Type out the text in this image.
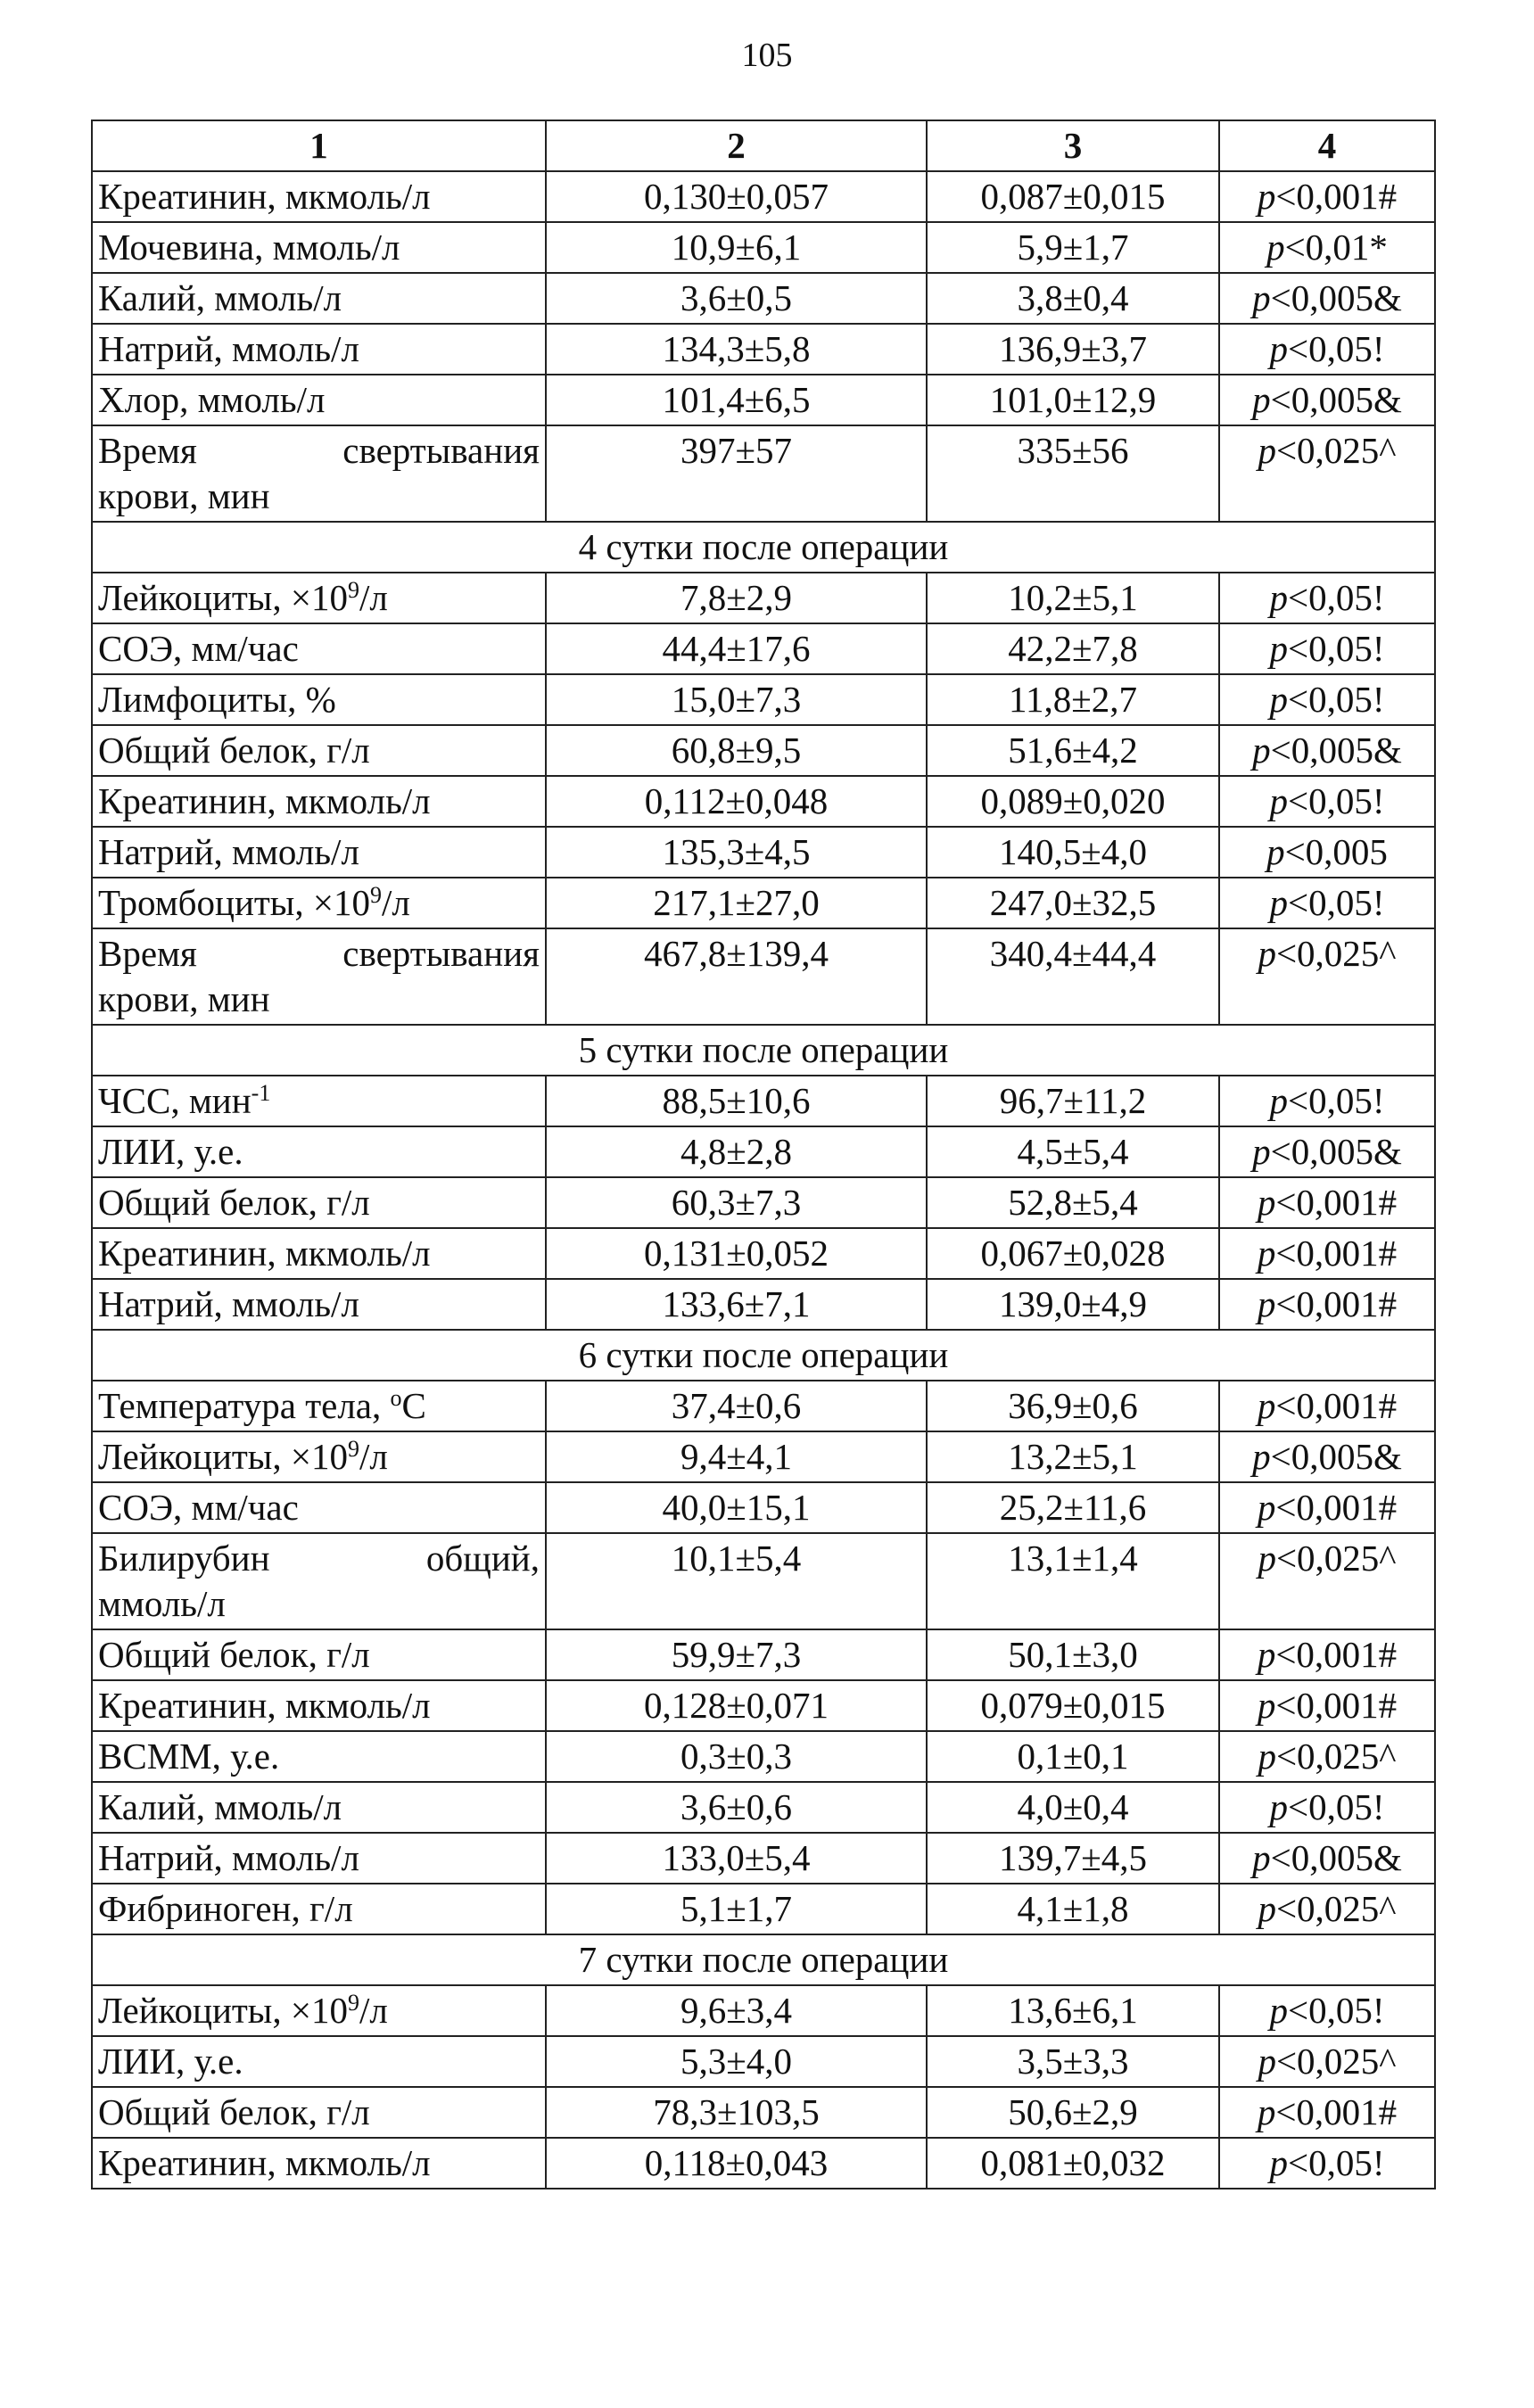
105
1	2	3	4
Креатинин, мкмоль/л	0,130±0,057	0,087±0,015	p<0,001#
Мочевина, ммоль/л	10,9±6,1	5,9±1,7	p<0,01*
Калий, ммоль/л	3,6±0,5	3,8±0,4	p<0,005&
Натрий, ммоль/л	134,3±5,8	136,9±3,7	p<0,05!
Хлор, ммоль/л	101,4±6,5	101,0±12,9	p<0,005&

Время свертывания
крови, мин	397±57	335±56	p<0,025^
4 сутки после операции			
Лейкоциты, $\times 10^9/л$	7,8±2,9	10,2±5,1	p<0,05!
СОЭ, мм/час	44,4±17,6	42,2±7,8	p<0,05!
Лимфоциты, %	15,0±7,3	11,8±2,7	p<0,05!
Общий белок, г/л	60,8±9,5	51,6±4,2	p<0,005&
Креатинин, мкмоль/л	0,112±0,048	0,089±0,020	p<0,05!
Натрий, ммоль/л	135,3±4,5	140,5±4,0	p<0,005
Тромбоциты, $\times 10^9/л$	217,1±27,0	247,0±32,5	p<0,05!

Время свертывания
крови, мин	467,8±139,4	340,4±44,4	p<0,025^
5 сутки после операции			
ЧСС, мин$^{-1}$	88,5±10,6	96,7±11,2	p<0,05!
ЛИИ, у.е.	4,8±2,8	4,5±5,4	p<0,005&
Общий белок, г/л	60,3±7,3	52,8±5,4	p<0,001#
Креатинин, мкмоль/л	0,131±0,052	0,067±0,028	p<0,001#
Натрий, ммоль/л	133,6±7,1	139,0±4,9	p<0,001#
6 сутки после операции			
Температура тела, $^o$C	37,4±0,6	36,9±0,6	p<0,001#
Лейкоциты, $\times 10^9/л$	9,4±4,1	13,2±5,1	p<0,005&
СОЭ, мм/час	40,0±15,1	25,2±11,6	p<0,001#

Билирубин общий,
ммоль/л	10,1±5,4	13,1±1,4	p<0,025^
Общий белок, г/л	59,9±7,3	50,1±3,0	p<0,001#
Креатинин, мкмоль/л	0,128±0,071	0,079±0,015	p<0,001#
ВСММ, у.е.	0,3±0,3	0,1±0,1	p<0,025^
Калий, ммоль/л	3,6±0,6	4,0±0,4	p<0,05!
Натрий, ммоль/л	133,0±5,4	139,7±4,5	p<0,005&
Фибриноген, г/л	5,1±1,7	4,1±1,8	p<0,025^
7 сутки после операции			
Лейкоциты, $\times 10^9/л$	9,6±3,4	13,6±6,1	p<0,05!
ЛИИ, у.е.	5,3±4,0	3,5±3,3	p<0,025^
Общий белок, г/л	78,3±103,5	50,6±2,9	p<0,001#
Креатинин, мкмоль/л	0,118±0,043	0,081±0,032	p<0,05!
